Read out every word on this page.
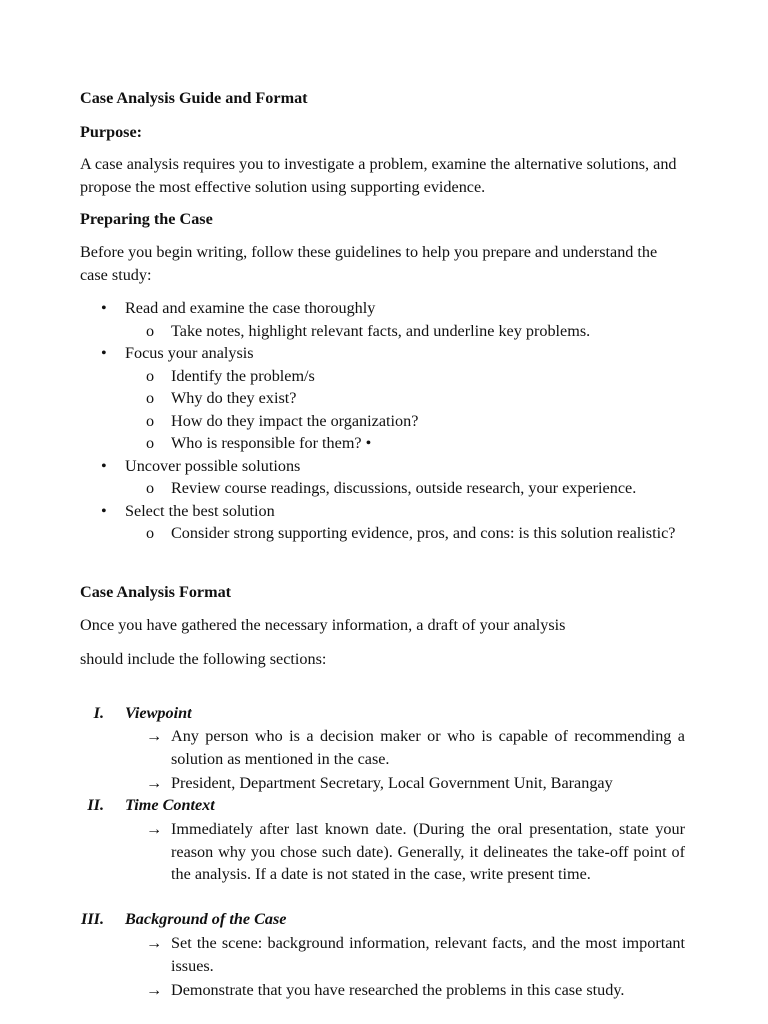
Case Analysis Guide and Format

Purpose:

A case analysis requires you to investigate a problem, examine the alternative solutions, and propose the most effective solution using supporting evidence.

Preparing the Case

Before you begin writing, follow these guidelines to help you prepare and understand the case study:

• Read and examine the case thoroughly
o Take notes, highlight relevant facts, and underline key problems.
• Focus your analysis
o Identify the problem/s
o Why do they exist?
o How do they impact the organization?
o Who is responsible for them? •
• Uncover possible solutions
o Review course readings, discussions, outside research, your experience.
• Select the best solution
o Consider strong supporting evidence, pros, and cons: is this solution realistic?

Case Analysis Format

Once you have gathered the necessary information, a draft of your analysis

should include the following sections:

I. Viewpoint
→ Any person who is a decision maker or who is capable of recommending a solution as mentioned in the case.
→ President, Department Secretary, Local Government Unit, Barangay
II. Time Context
→ Immediately after last known date. (During the oral presentation, state your reason why you chose such date). Generally, it delineates the take-off point of the analysis. If a date is not stated in the case, write present time.
III. Background of the Case
→ Set the scene: background information, relevant facts, and the most important issues.
→ Demonstrate that you have researched the problems in this case study.
